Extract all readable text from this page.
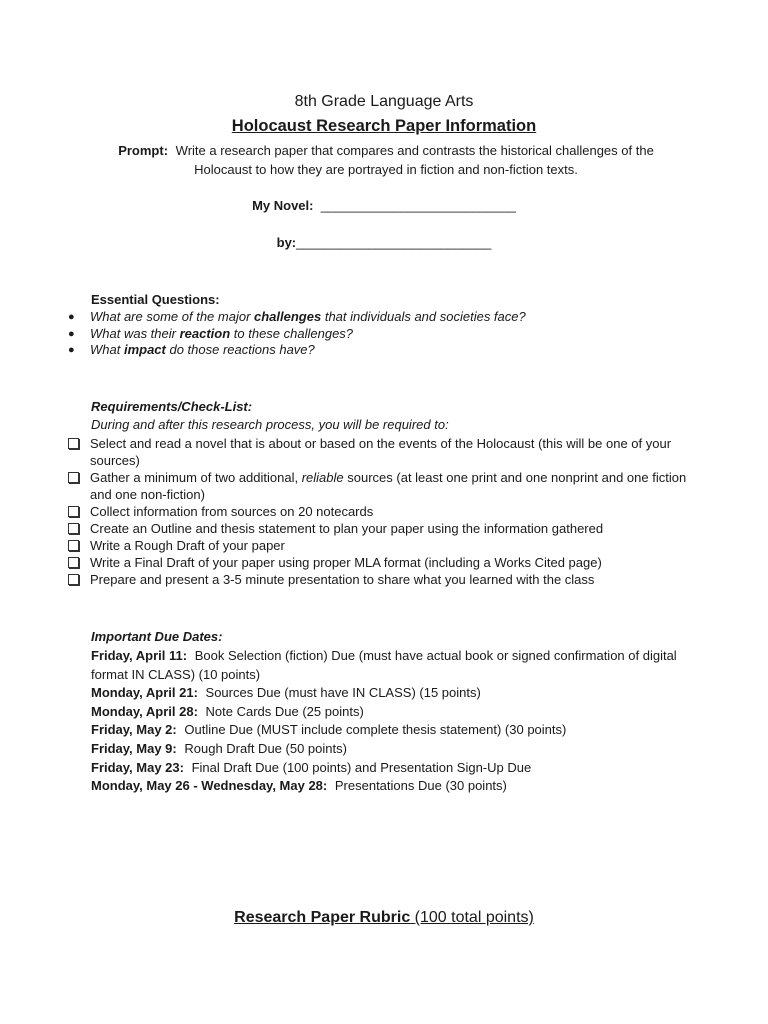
8th Grade Language Arts
Holocaust Research Paper Information
Prompt: Write a research paper that compares and contrasts the historical challenges of the Holocaust to how they are portrayed in fiction and non-fiction texts.
My Novel: ___________________________
by:___________________________
Essential Questions:
● What are some of the major challenges that individuals and societies face?
● What was their reaction to these challenges?
● What impact do those reactions have?
Requirements/Check-List:
During and after this research process, you will be required to:
Select and read a novel that is about or based on the events of the Holocaust (this will be one of your sources)
Gather a minimum of two additional, reliable sources (at least one print and one nonprint and one fiction and one non-fiction)
Collect information from sources on 20 notecards
Create an Outline and thesis statement to plan your paper using the information gathered
Write a Rough Draft of your paper
Write a Final Draft of your paper using proper MLA format (including a Works Cited page)
Prepare and present a 3-5 minute presentation to share what you learned with the class
Important Due Dates:
Friday, April 11: Book Selection (fiction) Due (must have actual book or signed confirmation of digital format IN CLASS) (10 points)
Monday, April 21: Sources Due (must have IN CLASS) (15 points)
Monday, April 28: Note Cards Due (25 points)
Friday, May 2: Outline Due (MUST include complete thesis statement) (30 points)
Friday, May 9: Rough Draft Due (50 points)
Friday, May 23: Final Draft Due (100 points) and Presentation Sign-Up Due
Monday, May 26 - Wednesday, May 28: Presentations Due (30 points)
Research Paper Rubric (100 total points)
